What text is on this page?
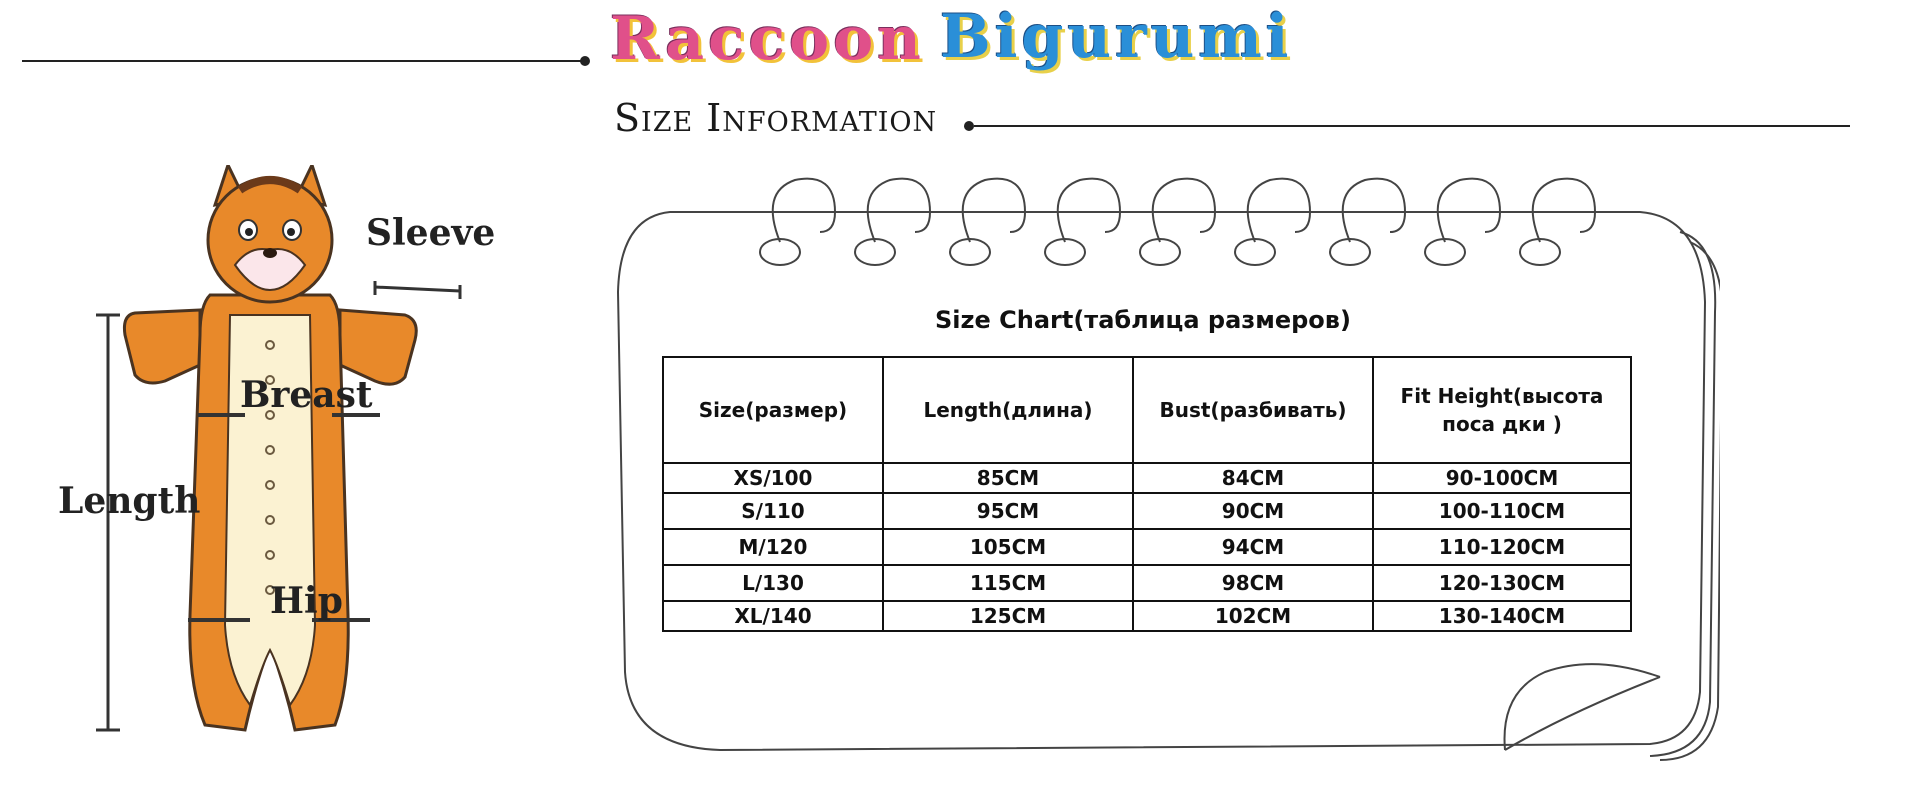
Raccoon Bigurumi
Size Information
Sleeve
Breast
Length
Hip
Size Chart(таблица размеров)
Size(размер)	Length(длина)	Bust(разбивать)	Fit Height(высота поса дки )
XS/100	85CM	84CM	90-100CM
S/110	95CM	90CM	100-110CM
M/120	105CM	94CM	110-120CM
L/130	115CM	98CM	120-130CM
XL/140	125CM	102CM	130-140CM
